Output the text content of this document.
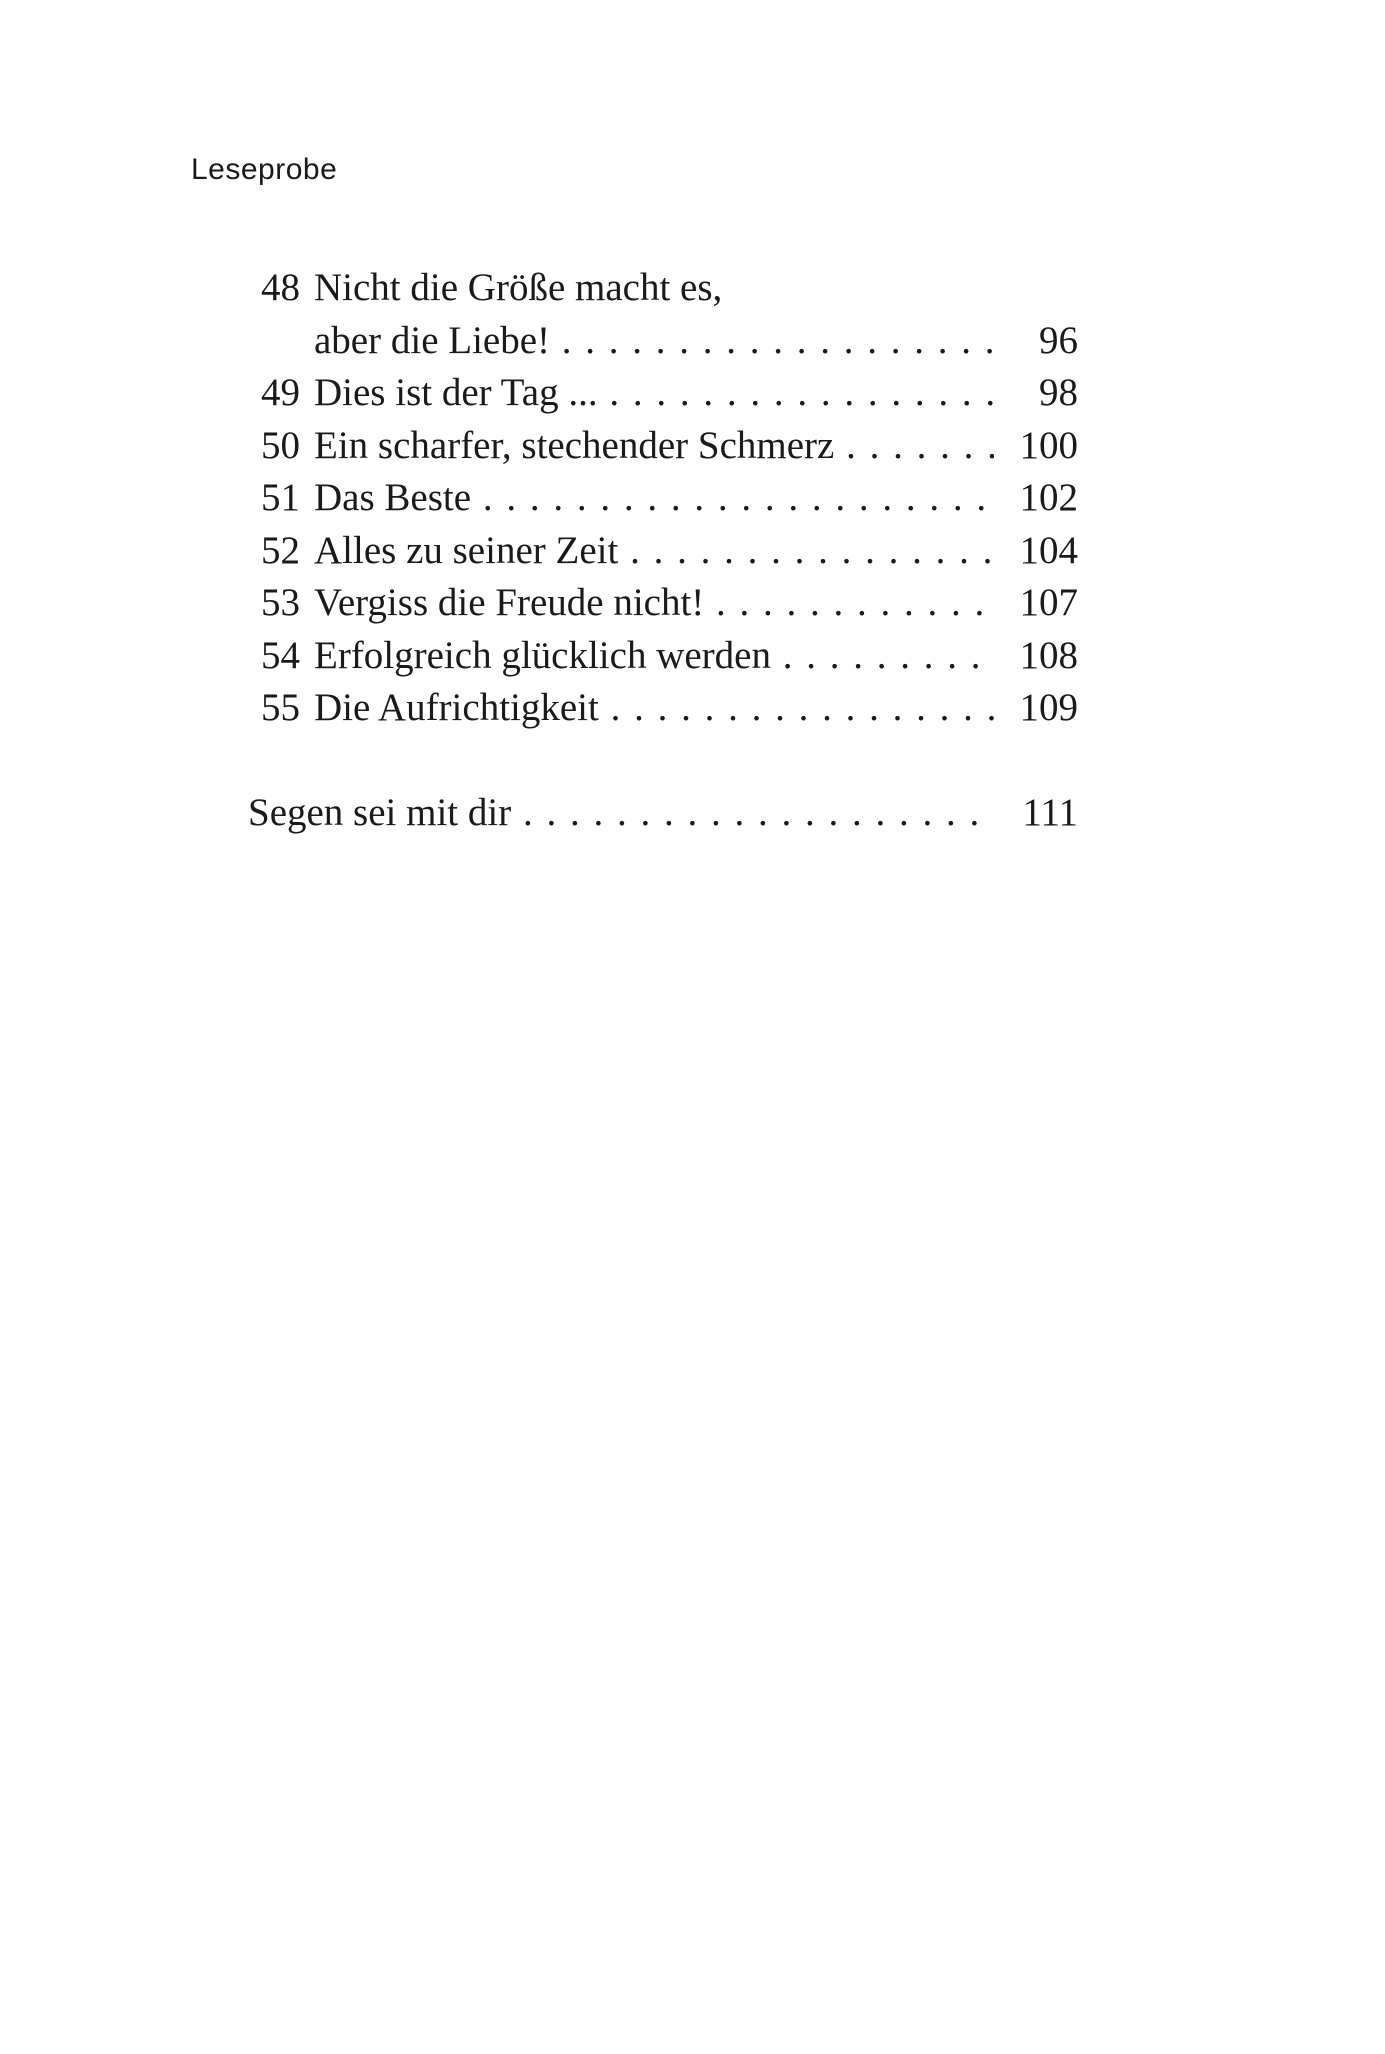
Leseprobe
48 Nicht die Größe macht es,
aber die Liebe! . . .	96
49 Dies ist der Tag ... . . .	98
50 Ein scharfer, stechender Schmerz . . .	100
51 Das Beste . . .	102
52 Alles zu seiner Zeit . . .	104
53 Vergiss die Freude nicht! . . .	107
54 Erfolgreich glücklich werden . . .	108
55 Die Aufrichtigkeit . . .	109
Segen sei mit dir . . .	111
